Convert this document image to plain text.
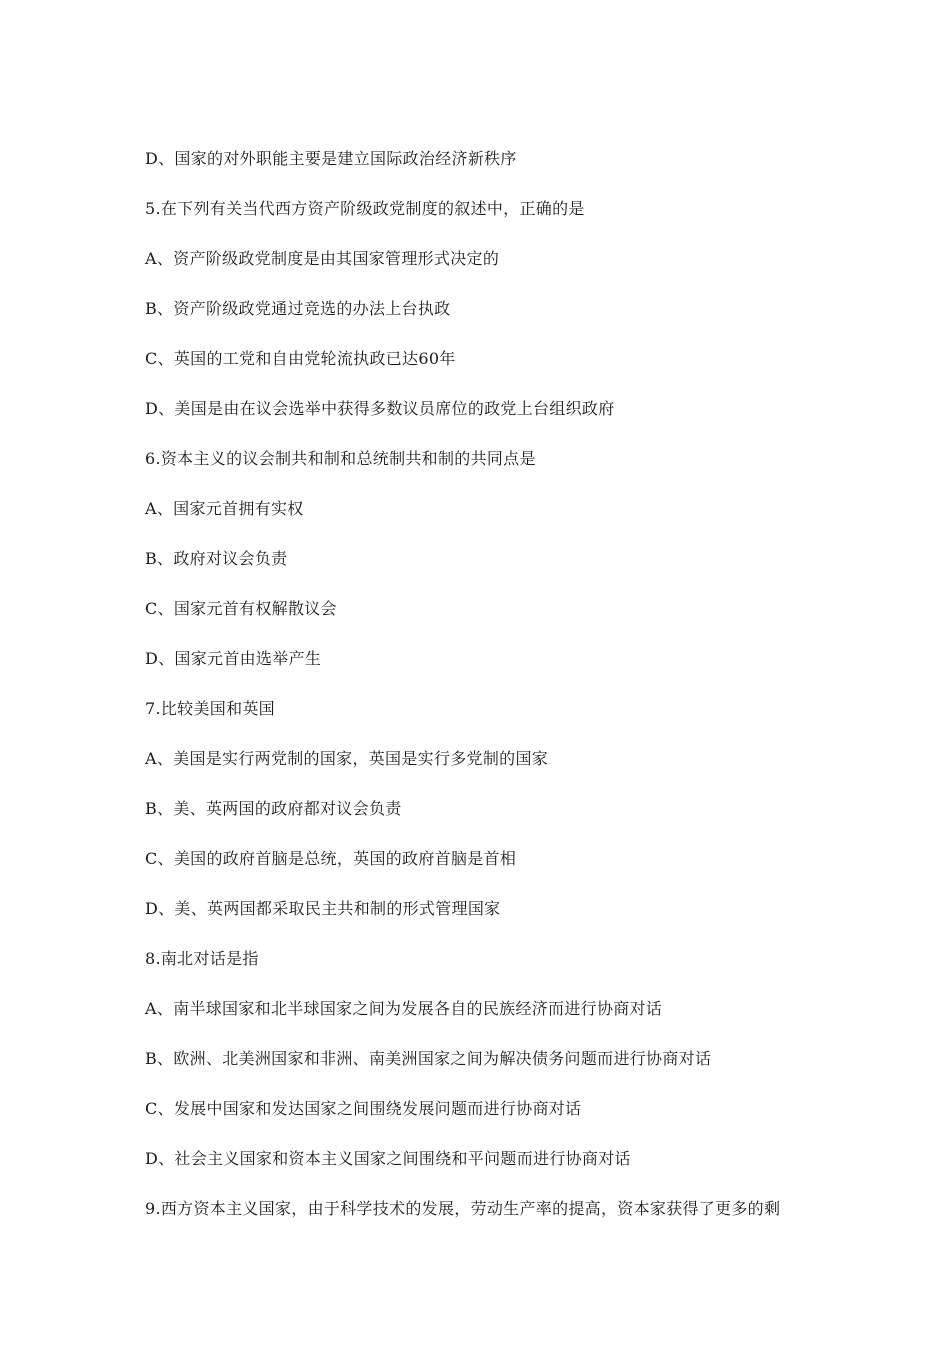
D、国家的对外职能主要是建立国际政治经济新秩序
5.在下列有关当代西方资产阶级政党制度的叙述中，正确的是
A、资产阶级政党制度是由其国家管理形式决定的
B、资产阶级政党通过竞选的办法上台执政
C、英国的工党和自由党轮流执政已达60年
D、美国是由在议会选举中获得多数议员席位的政党上台组织政府
6.资本主义的议会制共和制和总统制共和制的共同点是
A、国家元首拥有实权
B、政府对议会负责
C、国家元首有权解散议会
D、国家元首由选举产生
7.比较美国和英国
A、美国是实行两党制的国家，英国是实行多党制的国家
B、美、英两国的政府都对议会负责
C、美国的政府首脑是总统，英国的政府首脑是首相
D、美、英两国都采取民主共和制的形式管理国家
8.南北对话是指
A、南半球国家和北半球国家之间为发展各自的民族经济而进行协商对话
B、欧洲、北美洲国家和非洲、南美洲国家之间为解决债务问题而进行协商对话
C、发展中国家和发达国家之间围绕发展问题而进行协商对话
D、社会主义国家和资本主义国家之间围绕和平问题而进行协商对话
9.西方资本主义国家，由于科学技术的发展，劳动生产率的提高，资本家获得了更多的剩
